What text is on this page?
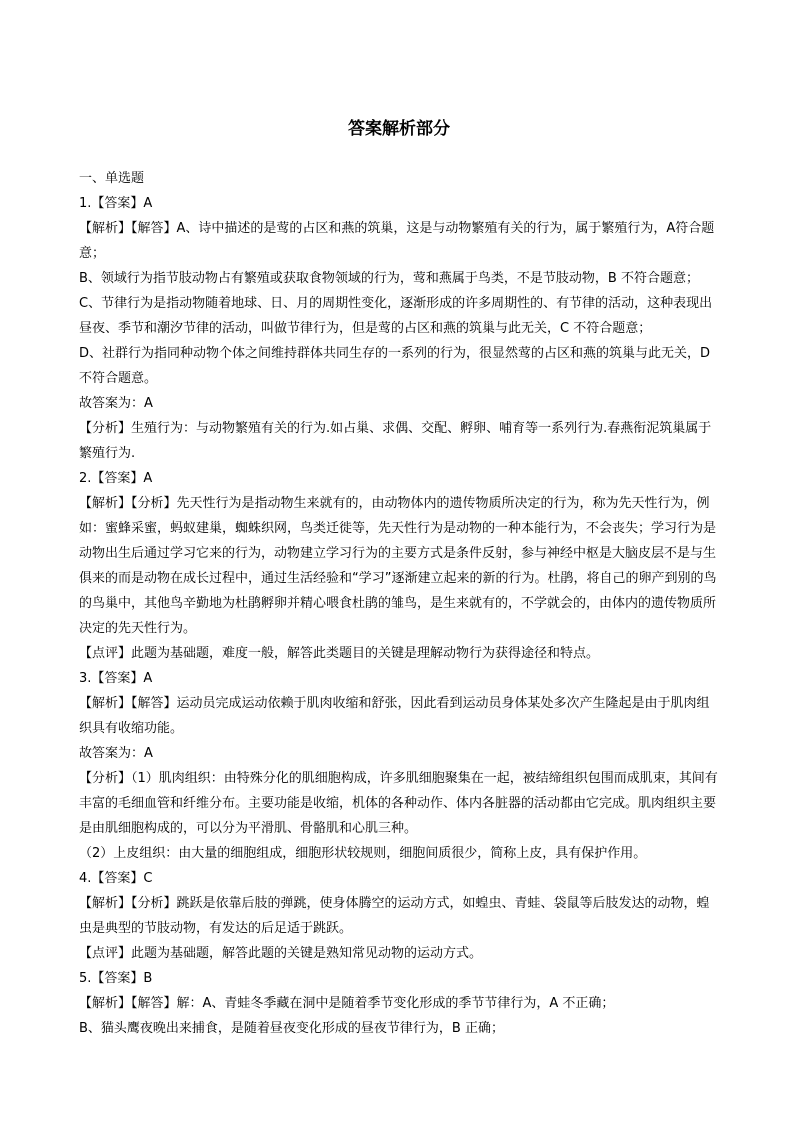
答案解析部分
一、单选题

1.【答案】A

【解析】【解答】A、诗中描述的是莺的占区和燕的筑巢，这是与动物繁殖有关的行为，属于繁殖行为，A符合题意；

B、领域行为指节肢动物占有繁殖或获取食物领域的行为，莺和燕属于鸟类，不是节肢动物，B 不符合题意；

C、节律行为是指动物随着地球、日、月的周期性变化，逐渐形成的许多周期性的、有节律的活动，这种表现出昼夜、季节和潮汐节律的活动，叫做节律行为，但是莺的占区和燕的筑巢与此无关，C 不符合题意；

D、社群行为指同种动物个体之间维持群体共同生存的一系列的行为，很显然莺的占区和燕的筑巢与此无关，D 不符合题意。

故答案为：A

【分析】生殖行为：与动物繁殖有关的行为.如占巢、求偶、交配、孵卵、哺育等一系列行为.春燕衔泥筑巢属于繁殖行为.

2.【答案】A

【解析】【分析】先天性行为是指动物生来就有的，由动物体内的遗传物质所决定的行为，称为先天性行为，例如：蜜蜂采蜜，蚂蚁建巢，蜘蛛织网，鸟类迁徙等，先天性行为是动物的一种本能行为，不会丧失；学习行为是动物出生后通过学习它来的行为，动物建立学习行为的主要方式是条件反射，参与神经中枢是大脑皮层不是与生俱来的而是动物在成长过程中，通过生活经验和“学习”逐渐建立起来的新的行为。杜鹃，将自己的卵产到别的鸟的鸟巢中，其他鸟辛勤地为杜鹃孵卵并精心喂食杜鹃的雏鸟，是生来就有的，不学就会的，由体内的遗传物质所决定的先天性行为。

【点评】此题为基础题，难度一般，解答此类题目的关键是理解动物行为获得途径和特点。

3.【答案】A

【解析】【解答】运动员完成运动依赖于肌肉收缩和舒张，因此看到运动员身体某处多次产生隆起是由于肌肉组织具有收缩功能。

故答案为：A

【分析】（1）肌肉组织：由特殊分化的肌细胞构成，许多肌细胞聚集在一起，被结缔组织包围而成肌束，其间有丰富的毛细血管和纤维分布。主要功能是收缩，机体的各种动作、体内各脏器的活动都由它完成。肌肉组织主要是由肌细胞构成的，可以分为平滑肌、骨骼肌和心肌三种。

（2）上皮组织：由大量的细胞组成，细胞形状较规则，细胞间质很少，简称上皮，具有保护作用。

4.【答案】C

【解析】【分析】跳跃是依靠后肢的弹跳，使身体腾空的运动方式，如蝗虫、青蛙、袋鼠等后肢发达的动物，蝗虫是典型的节肢动物，有发达的后足适于跳跃。

【点评】此题为基础题，解答此题的关键是熟知常见动物的运动方式。

5.【答案】B

【解析】【解答】解：A、青蛙冬季藏在洞中是随着季节变化形成的季节节律行为，A 不正确；

B、猫头鹰夜晚出来捕食，是随着昼夜变化形成的昼夜节律行为，B 正确；
